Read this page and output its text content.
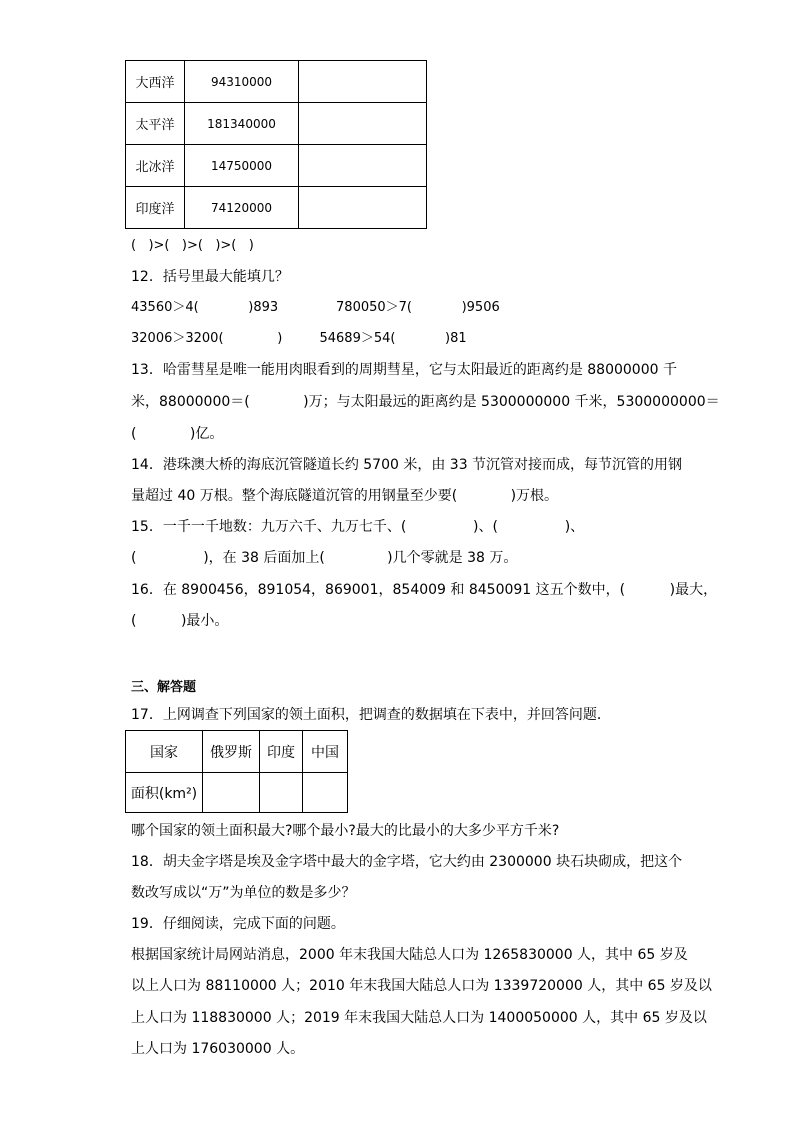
大西洋	94310000	
太平洋	181340000	
北冰洋	14750000	
印度洋	74120000	
(   )>(   )>(   )>(   )
12．括号里最大能填几？
43560＞4(            )893              780050＞7(            )9506
32006＞3200(             )         54689＞54(            )81
13．哈雷彗星是唯一能用肉眼看到的周期彗星，它与太阳最近的距离约是 88000000 千
米，88000000＝(            )万；与太阳最远的距离约是 5300000000 千米，5300000000＝
(            )亿。
14．港珠澳大桥的海底沉管隧道长约 5700 米，由 33 节沉管对接而成，每节沉管的用钢
量超过 40 万根。整个海底隧道沉管的用钢量至少要(            )万根。
15．一千一千地数：九万六千、九万七千、(               )、(               )、
(               )，在 38 后面加上(              )几个零就是 38 万。
16．在 8900456，891054，869001，854009 和 8450091 这五个数中，(          )最大，
(          )最小。
三、解答题
17．上网调查下列国家的领土面积，把调查的数据填在下表中，并回答问题．
国家	俄罗斯	印度	中国
面积(km²)			
哪个国家的领土面积最大?哪个最小?最大的比最小的大多少平方千米?
18．胡夫金字塔是埃及金字塔中最大的金字塔，它大约由 2300000 块石块砌成，把这个
数改写成以“万”为单位的数是多少？
19．仔细阅读，完成下面的问题。
根据国家统计局网站消息，2000 年末我国大陆总人口为 1265830000 人，其中 65 岁及
以上人口为 88110000 人；2010 年末我国大陆总人口为 1339720000 人，其中 65 岁及以
上人口为 118830000 人；2019 年末我国大陆总人口为 1400050000 人，其中 65 岁及以
上人口为 176030000 人。
